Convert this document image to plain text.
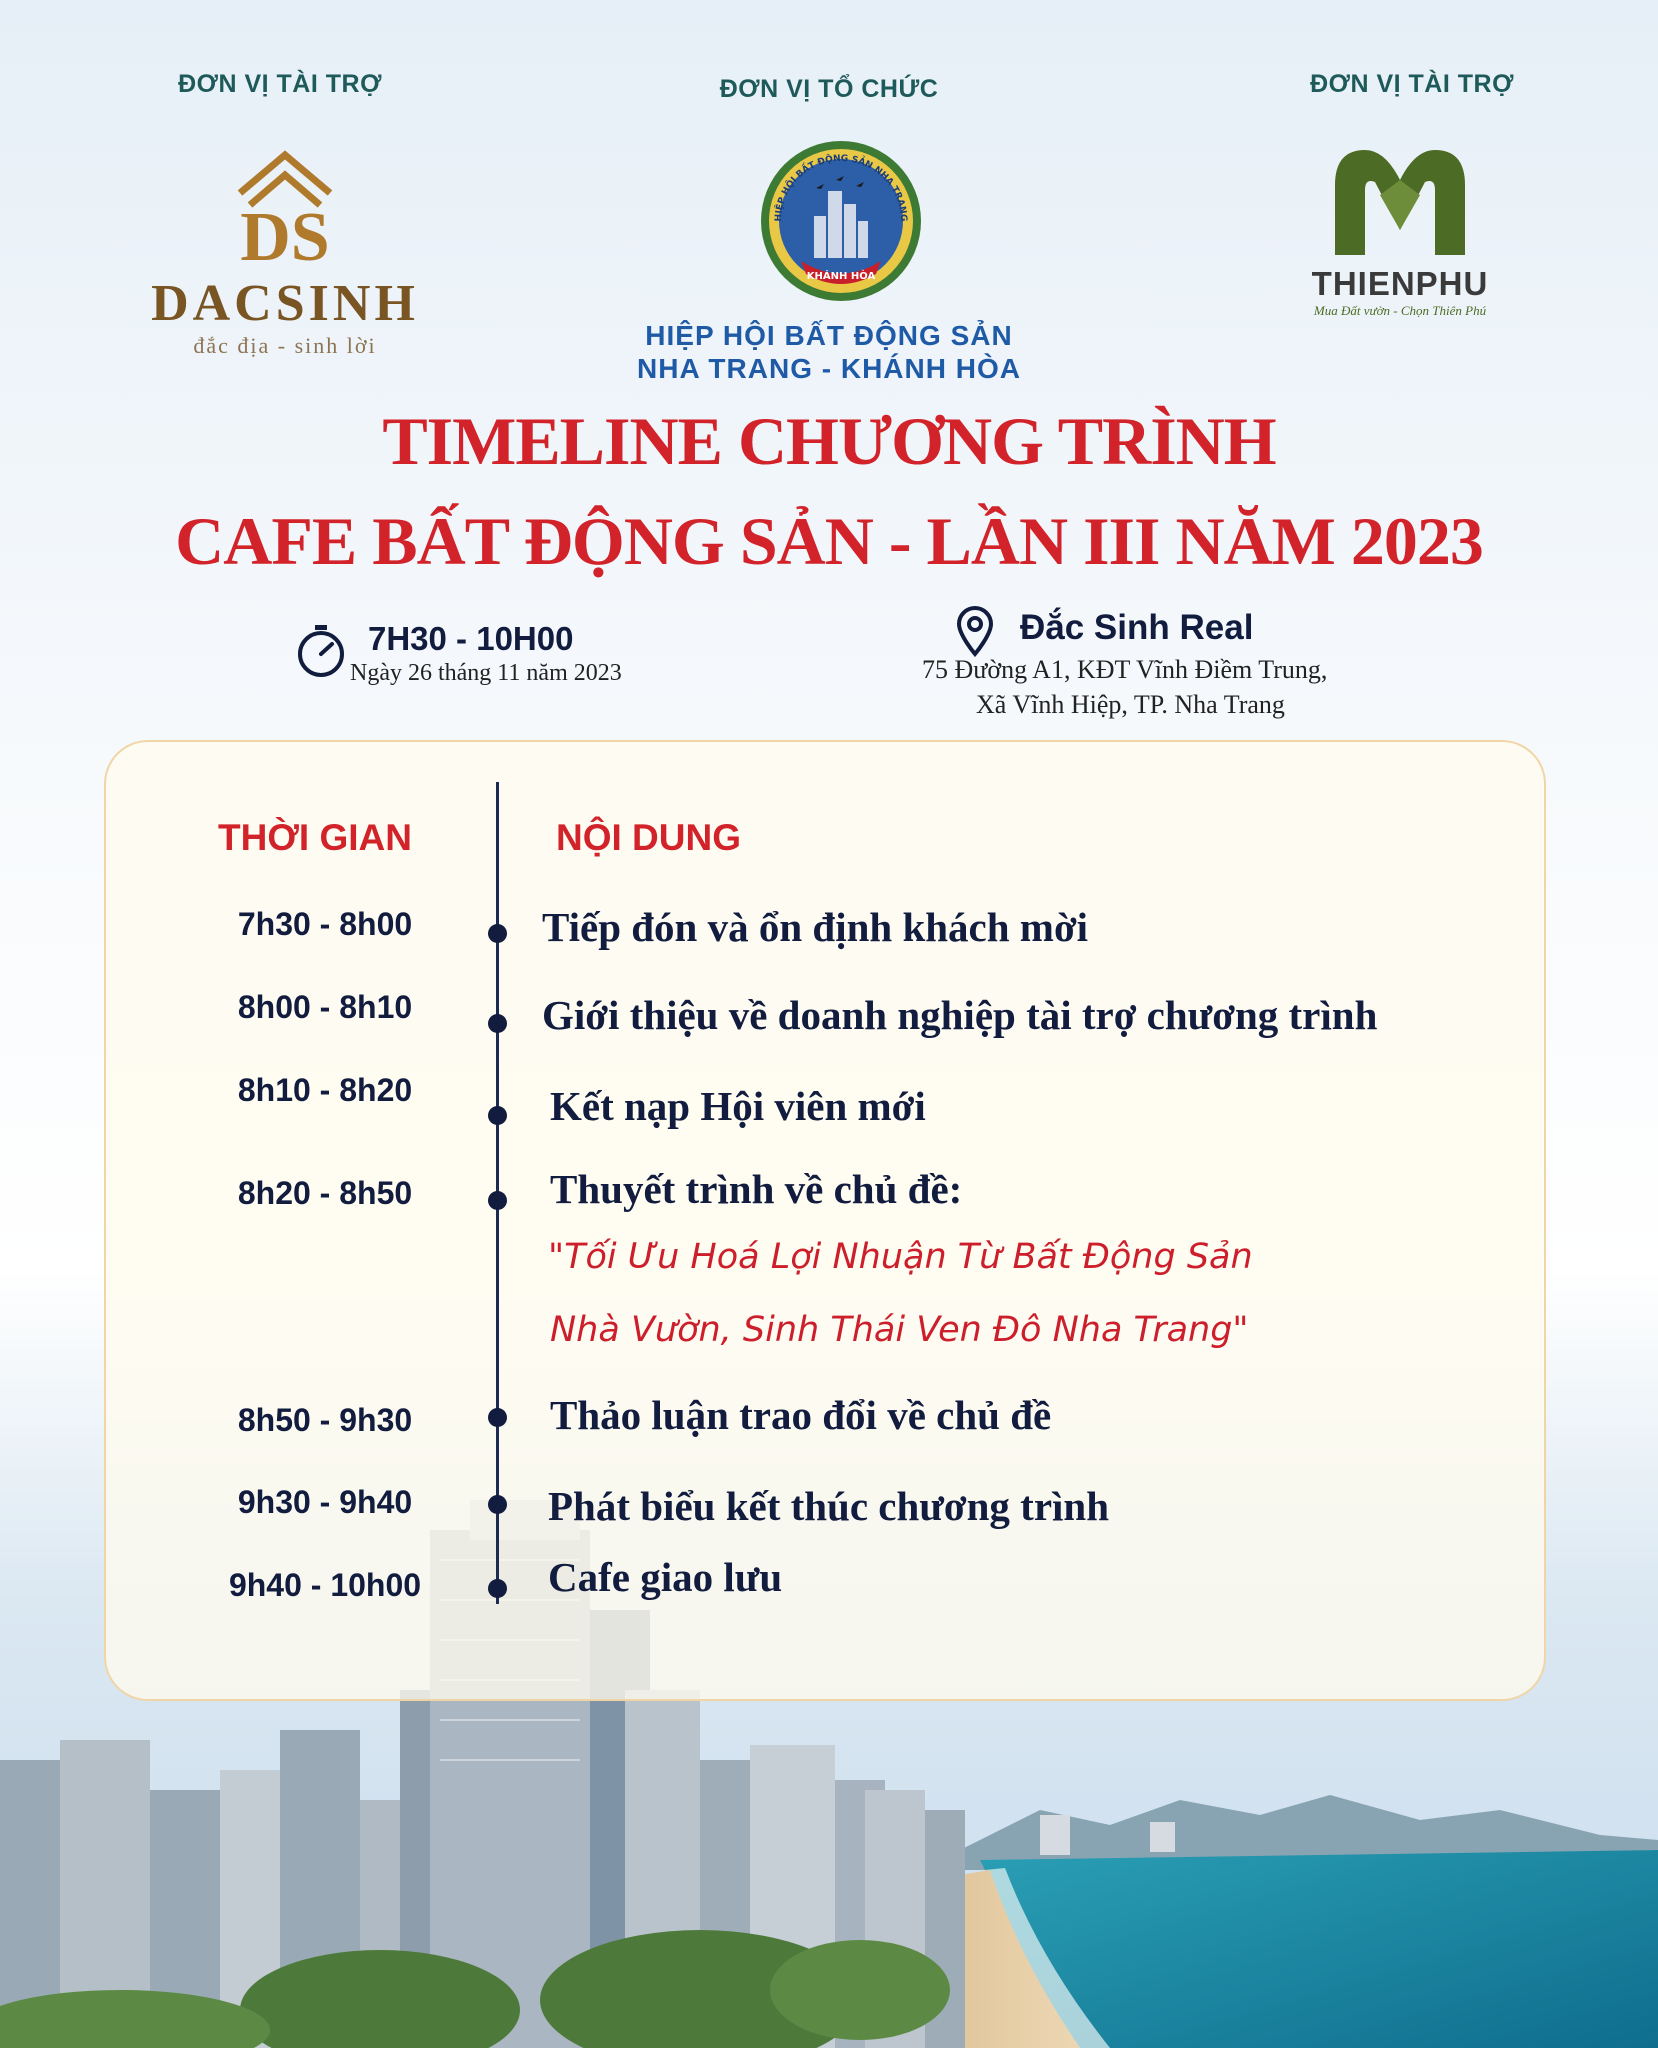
ĐƠN VỊ TÀI TRỢ
DS
DACSINH
đắc địa - sinh lời
ĐƠN VỊ TỔ CHỨC
HIỆP HỘI BẤT ĐỘNG SẢN NHA TRANG
KHÁNH HÒA
HIỆP HỘI BẤT ĐỘNG SẢN
NHA TRANG - KHÁNH HÒA
ĐƠN VỊ TÀI TRỢ
THIENPHU
Mua Đất vườn - Chọn Thiên Phú
TIMELINE CHƯƠNG TRÌNH
CAFE BẤT ĐỘNG SẢN - LẦN III NĂM 2023
7H30 - 10H00
Ngày 26 tháng 11 năm 2023
Đắc Sinh Real
75 Đường A1, KĐT Vĩnh Điềm Trung,
Xã Vĩnh Hiệp, TP. Nha Trang
THỜI GIAN	NỘI DUNG
7h30 - 8h00	Tiếp đón và ổn định khách mời
8h00 - 8h10	Giới thiệu về doanh nghiệp tài trợ chương trình
8h10 - 8h20	Kết nạp Hội viên mới
8h20 - 8h50	Thuyết trình về chủ đề:
"Tối Ưu Hoá Lợi Nhuận Từ Bất Động Sản
Nhà Vườn, Sinh Thái Ven Đô Nha Trang"
8h50 - 9h30	Thảo luận trao đổi về chủ đề
9h30 - 9h40	Phát biểu kết thúc chương trình
9h40 - 10h00	Cafe giao lưu
